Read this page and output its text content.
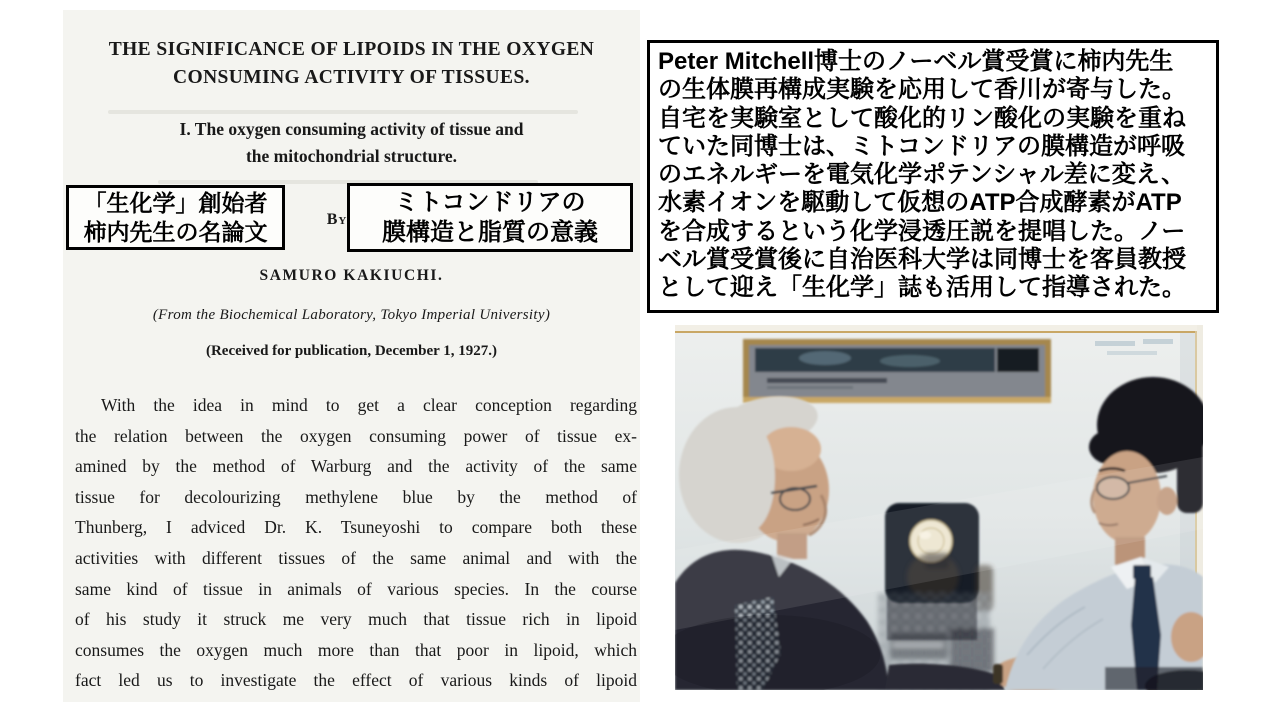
THE SIGNIFICANCE OF LIPOIDS IN THE OXYGEN
CONSUMING ACTIVITY OF TISSUES.
I. The oxygen consuming activity of tissue and
the mitochondrial structure.
「生化学」創始者
柿内先生の名論文	By
ミトコンドリアの
膜構造と脂質の意義
SAMURO KAKIUCHI.
(From the Biochemical Laboratory, Tokyo Imperial University)
(Received for publication, December 1, 1927.)
With the idea in mind to get a clear conception regarding
the relation between the oxygen consuming power of tissue ex-
amined by the method of Warburg and the activity of the same
tissue for decolourizing methylene blue by the method of
Thunberg, I adviced Dr. K. Tsuneyoshi to compare both these
activities with different tissues of the same animal and with the
same kind of tissue in animals of various species. In the course
of his study it struck me very much that tissue rich in lipoid
consumes the oxygen much more than that poor in lipoid, which
fact led us to investigate the effect of various kinds of lipoid
Peter Mitchell博士のノーベル賞受賞に柿内先生
の生体膜再構成実験を応用して香川が寄与した。
自宅を実験室として酸化的リン酸化の実験を重ね
ていた同博士は、ミトコンドリアの膜構造が呼吸
のエネルギーを電気化学ポテンシャル差に変え、
水素イオンを駆動して仮想のATP合成酵素がATP
を合成するという化学浸透圧説を提唱した。ノー
ベル賞受賞後に自治医科大学は同博士を客員教授
として迎え「生化学」誌も活用して指導された。
